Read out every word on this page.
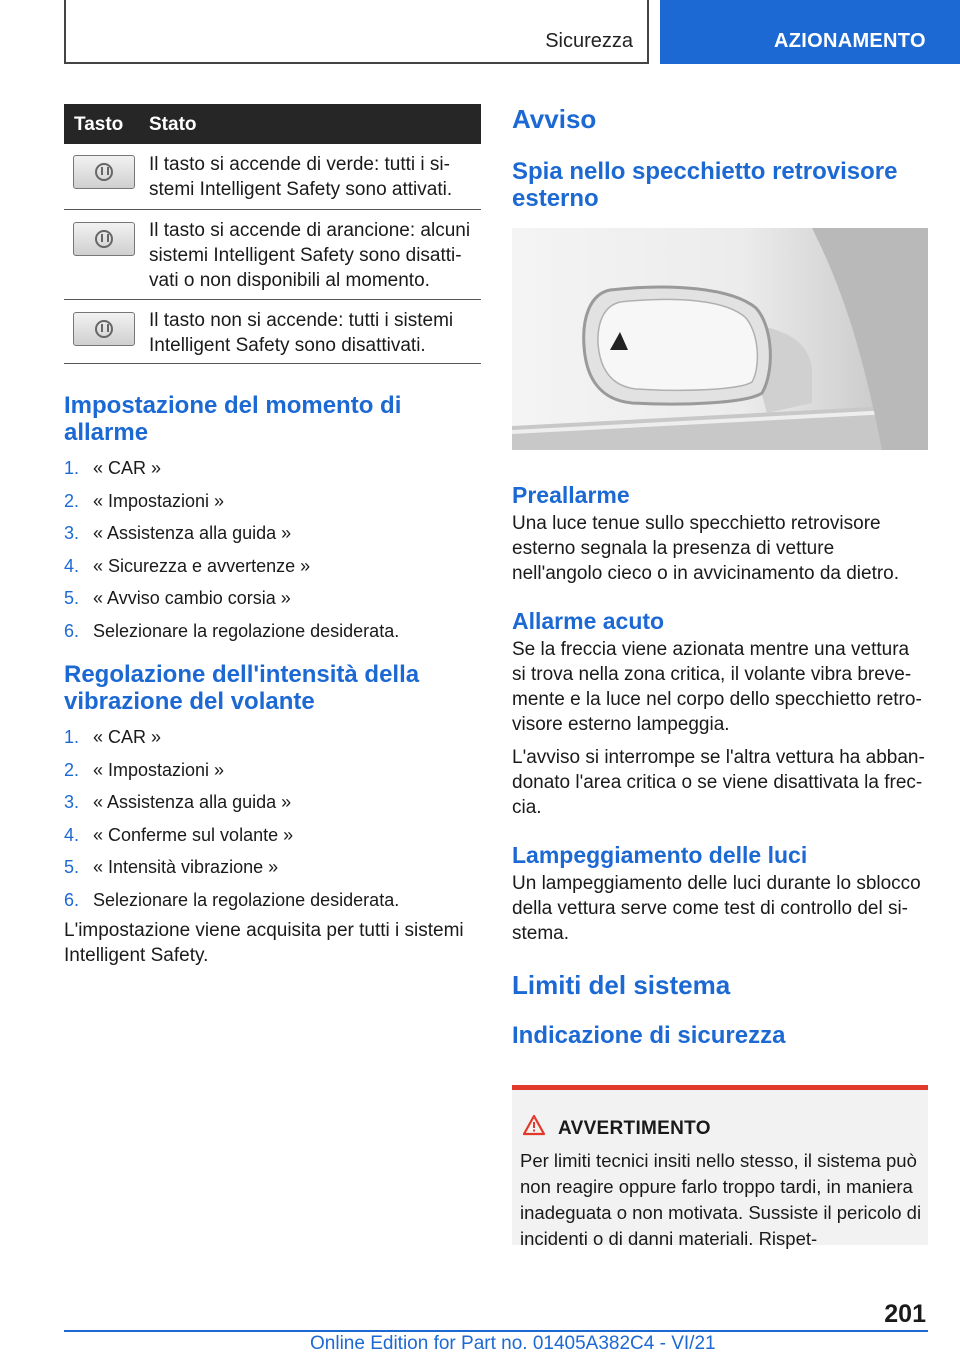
Sicurezza	AZIONAMENTO
Tasto Stato
Il tasto si accende di verde: tutti i si-
stemi Intelligent Safety sono attivati.
Il tasto si accende di arancione: alcuni
sistemi Intelligent Safety sono disatti-
vati o non disponibili al momento.
Il tasto non si accende: tutti i sistemi
Intelligent Safety sono disattivati.
Impostazione del momento di allarme
1. « CAR »
2. « Impostazioni »
3. « Assistenza alla guida »
4. « Sicurezza e avvertenze »
5. « Avviso cambio corsia »
6. Selezionare la regolazione desiderata.
Regolazione dell'intensità della vibrazione del volante
1. « CAR »
2. « Impostazioni »
3. « Assistenza alla guida »
4. « Conferme sul volante »
5. « Intensità vibrazione »
6. Selezionare la regolazione desiderata.
L'impostazione viene acquisita per tutti i sistemi Intelligent Safety.
Avviso
Spia nello specchietto retrovisore esterno
Preallarme
Una luce tenue sullo specchietto retrovisore esterno segnala la presenza di vetture nell'angolo cieco o in avvicinamento da dietro.
Allarme acuto
Se la freccia viene azionata mentre una vettura si trova nella zona critica, il volante vibra breve-mente e la luce nel corpo dello specchietto retro-visore esterno lampeggia.
L'avviso si interrompe se l'altra vettura ha abban-donato l'area critica o se viene disattivata la frec-cia.
Lampeggiamento delle luci
Un lampeggiamento delle luci durante lo sblocco della vettura serve come test di controllo del si-stema.
Limiti del sistema
Indicazione di sicurezza
AVVERTIMENTO
Per limiti tecnici insiti nello stesso, il sistema può non reagire oppure farlo troppo tardi, in maniera inadeguata o non motivata. Sussiste il pericolo di incidenti o di danni materiali. Rispet-
201
Online Edition for Part no. 01405A382C4 - VI/21
